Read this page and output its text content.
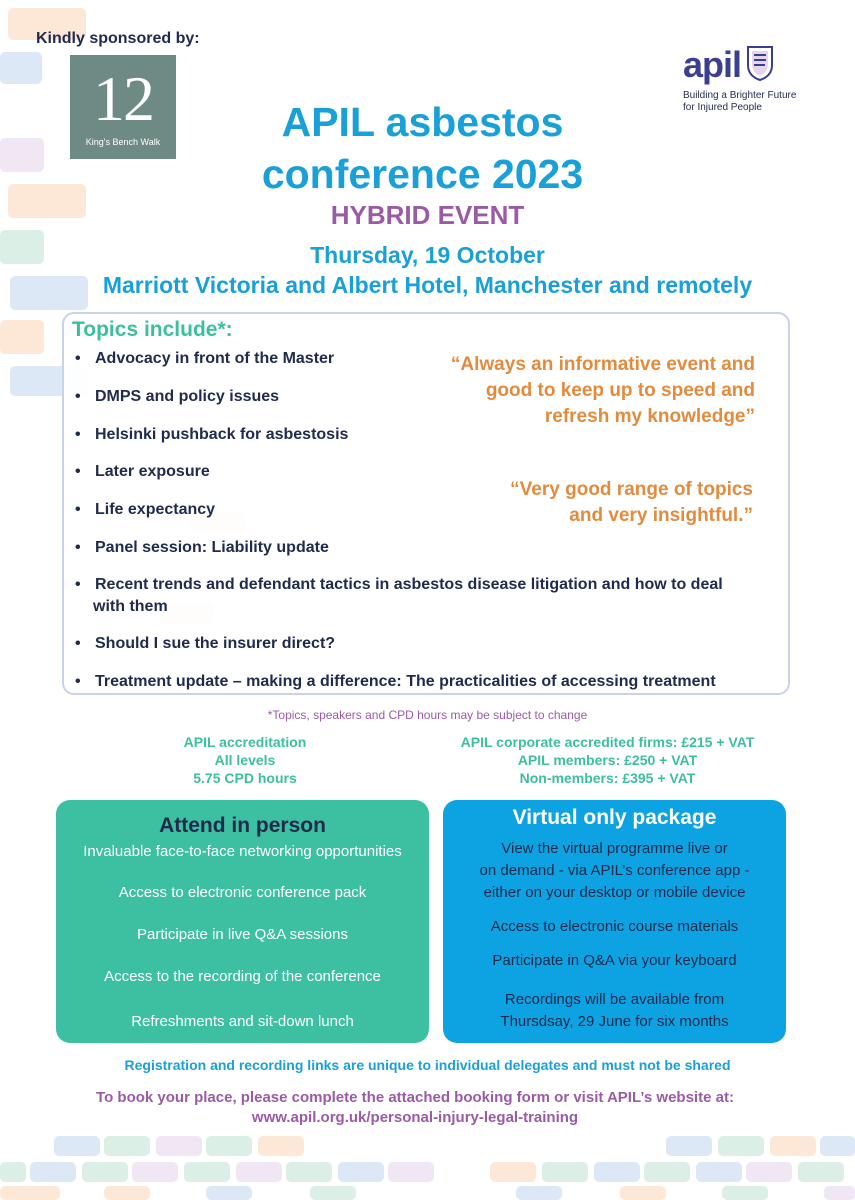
Kindly sponsored by:
12
King's Bench Walk
apil
Building a Brighter Future
for Injured People
APIL asbestos
conference 2023
HYBRID EVENT
Thursday, 19 October
Marriott Victoria and Albert Hotel, Manchester and remotely
Topics include*:
• Advocacy in front of the Master
• DMPS and policy issues
• Helsinki pushback for asbestosis
• Later exposure
• Life expectancy
• Panel session: Liability update
• Recent trends and defendant tactics in asbestos disease litigation and how to deal
with them
• Should I sue the insurer direct?
• Treatment update – making a difference: The practicalities of accessing treatment
“Always an informative event and
good to keep up to speed and
refresh my knowledge”
“Very good range of topics
and very insightful.”
*Topics, speakers and CPD hours may be subject to change
APIL accreditation
All levels
5.75 CPD hours
APIL corporate accredited firms: £215 + VAT
APIL members: £250 + VAT
Non-members: £395 + VAT
Attend in person
Invaluable face-to-face networking opportunities
Access to electronic conference pack
Participate in live Q&A sessions
Access to the recording of the conference
Refreshments and sit-down lunch
Virtual only package
View the virtual programme live or
on demand - via APIL’s conference app -
either on your desktop or mobile device
Access to electronic course materials
Participate in Q&A via your keyboard
Recordings will be available from
Thursdsay, 29 June for six months
Registration and recording links are unique to individual delegates and must not be shared
To book your place, please complete the attached booking form or visit APIL’s website at:
www.apil.org.uk/personal-injury-legal-training
